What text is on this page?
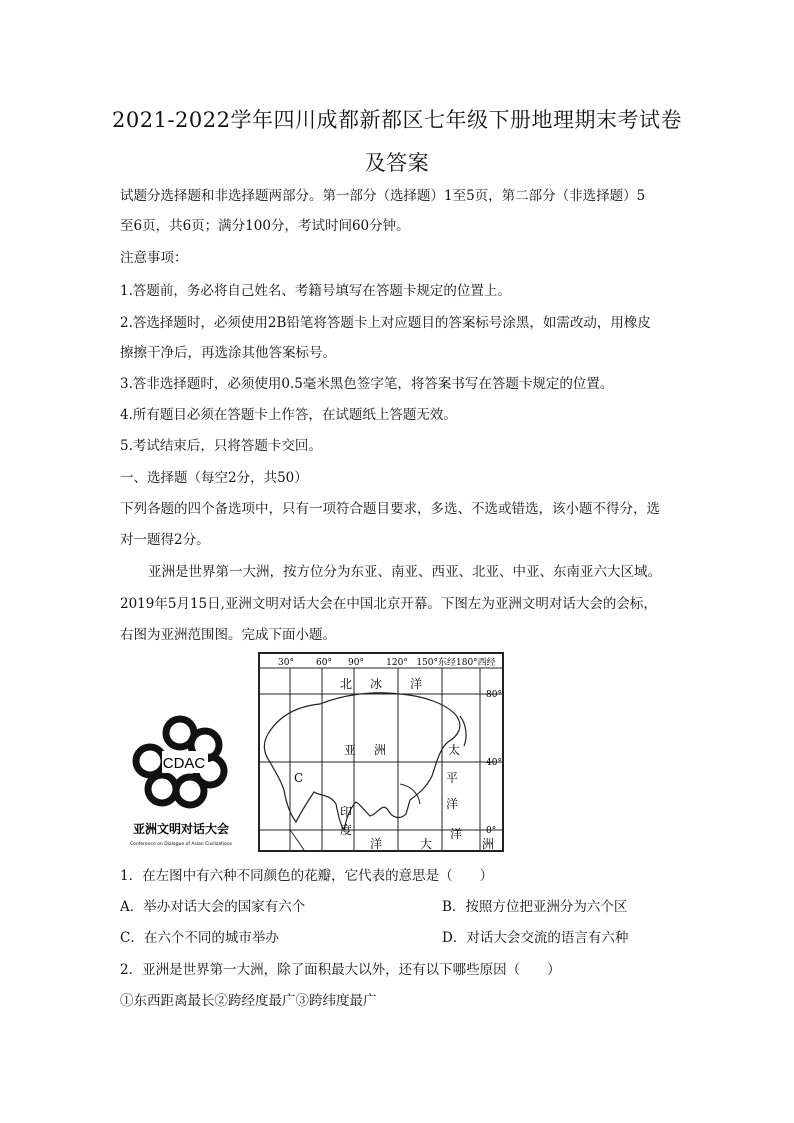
2021-2022学年四川成都新都区七年级下册地理期末考试卷
及答案
试题分选择题和非选择题两部分。第一部分（选择题）1至5页，第二部分（非选择题）5
至6页，共6页；满分100分，考试时间60分钟。
注意事项：
1.答题前，务必将自己姓名、考籍号填写在答题卡规定的位置上。
2.答选择题时，必须使用2B铅笔将答题卡上对应题目的答案标号涂黑，如需改动，用橡皮
擦擦干净后，再选涂其他答案标号。
3.答非选择题时，必须使用0.5毫米黑色签字笔，将答案书写在答题卡规定的位置。
4.所有题目必须在答题卡上作答，在试题纸上答题无效。
5.考试结束后，只将答题卡交回。
一、选择题（每空2分，共50）
下列各题的四个备选项中，只有一项符合题目要求，多选、不选或错选，该小题不得分，选
对一题得2分。
亚洲是世界第一大洲，按方位分为东亚、南亚、西亚、北亚、中亚、东南亚六大区域。
2019年5月15日,亚洲文明对话大会在中国北京开幕。下图左为亚洲文明对话大会的会标，
右图为亚洲范围图。完成下面小题。
CDAC
亚洲文明对话大会
Conference on Dialogue of Asian Civilizations
30° 60° 90° 120° 150°东经180°西经
80°
40°
0°
北 冰 洋
亚 洲	太
平
洋
印
度
洋	大
洋
洲
C
1．在左图中有六种不同颜色的花瓣，它代表的意思是（　　）
A．举办对话大会的国家有六个	B．按照方位把亚洲分为六个区
C．在六个不同的城市举办	D．对话大会交流的语言有六种
2．亚洲是世界第一大洲，除了面积最大以外，还有以下哪些原因（　　）
①东西距离最长②跨经度最广③跨纬度最广
